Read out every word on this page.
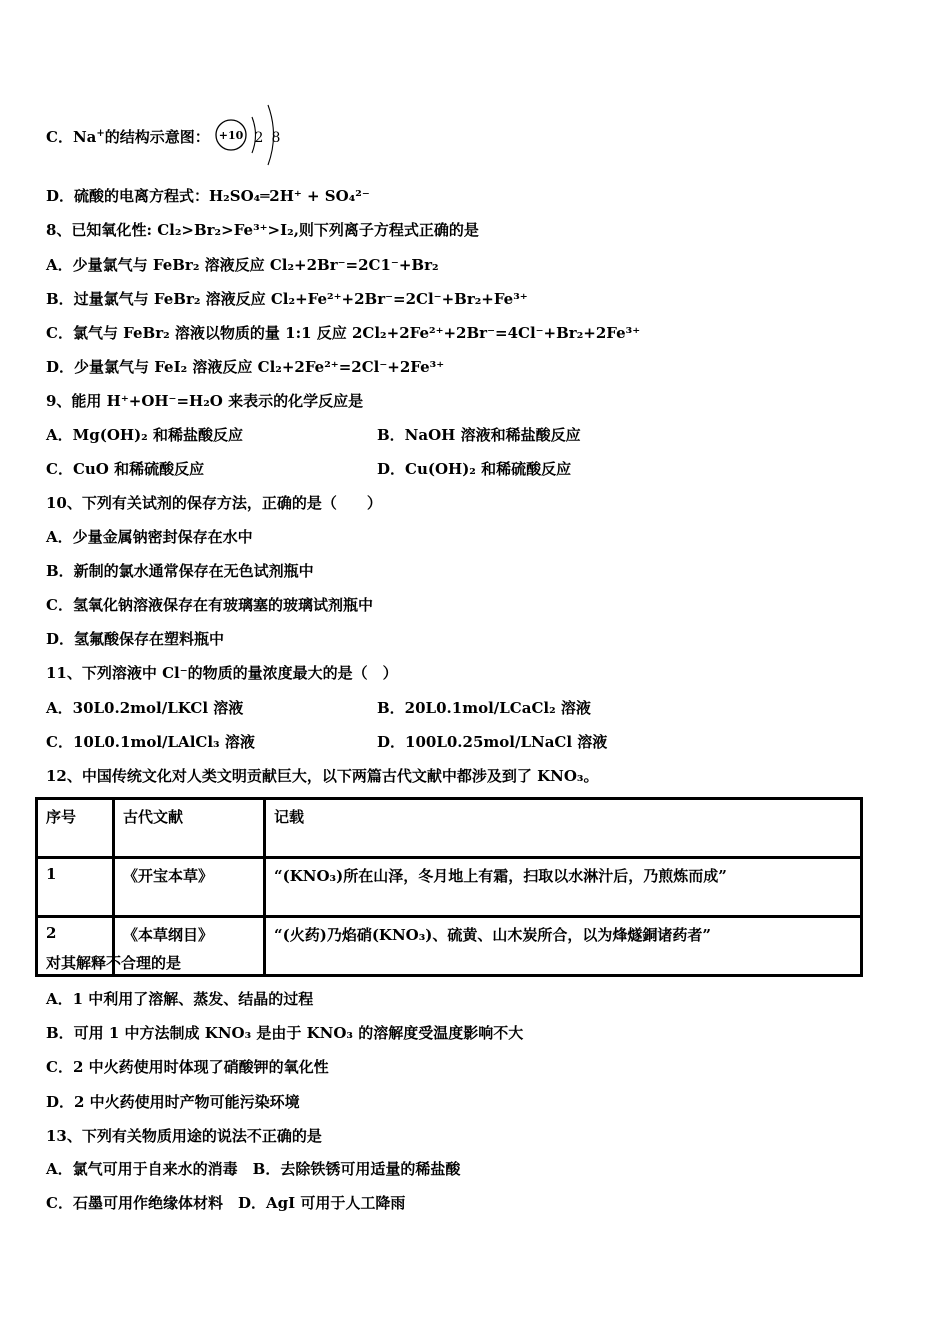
C．Na+的结构示意图： +10 2 8
D．硫酸的电离方程式：H₂SO₄═2H⁺ + SO₄²⁻
8、已知氧化性: Cl₂>Br₂>Fe³⁺>I₂,则下列离子方程式正确的是
A．少量氯气与 FeBr₂ 溶液反应 Cl₂+2Br⁻=2C1⁻+Br₂
B．过量氯气与 FeBr₂ 溶液反应 Cl₂+Fe²⁺+2Br⁻=2Cl⁻+Br₂+Fe³⁺
C．氯气与 FeBr₂ 溶液以物质的量 1:1 反应 2Cl₂+2Fe²⁺+2Br⁻=4Cl⁻+Br₂+2Fe³⁺
D．少量氯气与 FeI₂ 溶液反应 Cl₂+2Fe²⁺=2Cl⁻+2Fe³⁺
9、能用 H⁺+OH⁻=H₂O 来表示的化学反应是
A．Mg(OH)₂ 和稀盐酸反应	B．NaOH 溶液和稀盐酸反应
C．CuO 和稀硫酸反应	D．Cu(OH)₂ 和稀硫酸反应
10、下列有关试剂的保存方法，正确的是（　　）
A．少量金属钠密封保存在水中
B．新制的氯水通常保存在无色试剂瓶中
C．氢氧化钠溶液保存在有玻璃塞的玻璃试剂瓶中
D．氢氟酸保存在塑料瓶中
11、下列溶液中 Cl⁻的物质的量浓度最大的是（　）
A．30L0.2mol/LKCl 溶液	B．20L0.1mol/LCaCl₂ 溶液
C．10L0.1mol/LAlCl₃ 溶液	D．100L0.25mol/LNaCl 溶液
12、中国传统文化对人类文明贡献巨大，以下两篇古代文献中都涉及到了 KNO₃。
序号	古代文献	记载
1	《开宝本草》	“(KNO₃)所在山泽，冬月地上有霜，扫取以水淋汁后，乃煎炼而成”
2	《本草纲目》	“(火药)乃焰硝(KNO₃)、硫黄、山木炭所合，以为烽燧銅诸药者”
对其解释不合理的是
A．1 中利用了溶解、蒸发、结晶的过程
B．可用 1 中方法制成 KNO₃ 是由于 KNO₃ 的溶解度受温度影响不大
C．2 中火药使用时体现了硝酸钾的氧化性
D．2 中火药使用时产物可能污染环境
13、下列有关物质用途的说法不正确的是
A．氯气可用于自来水的消毒　B．去除铁锈可用适量的稀盐酸
C．石墨可用作绝缘体材料　D．AgI 可用于人工降雨
